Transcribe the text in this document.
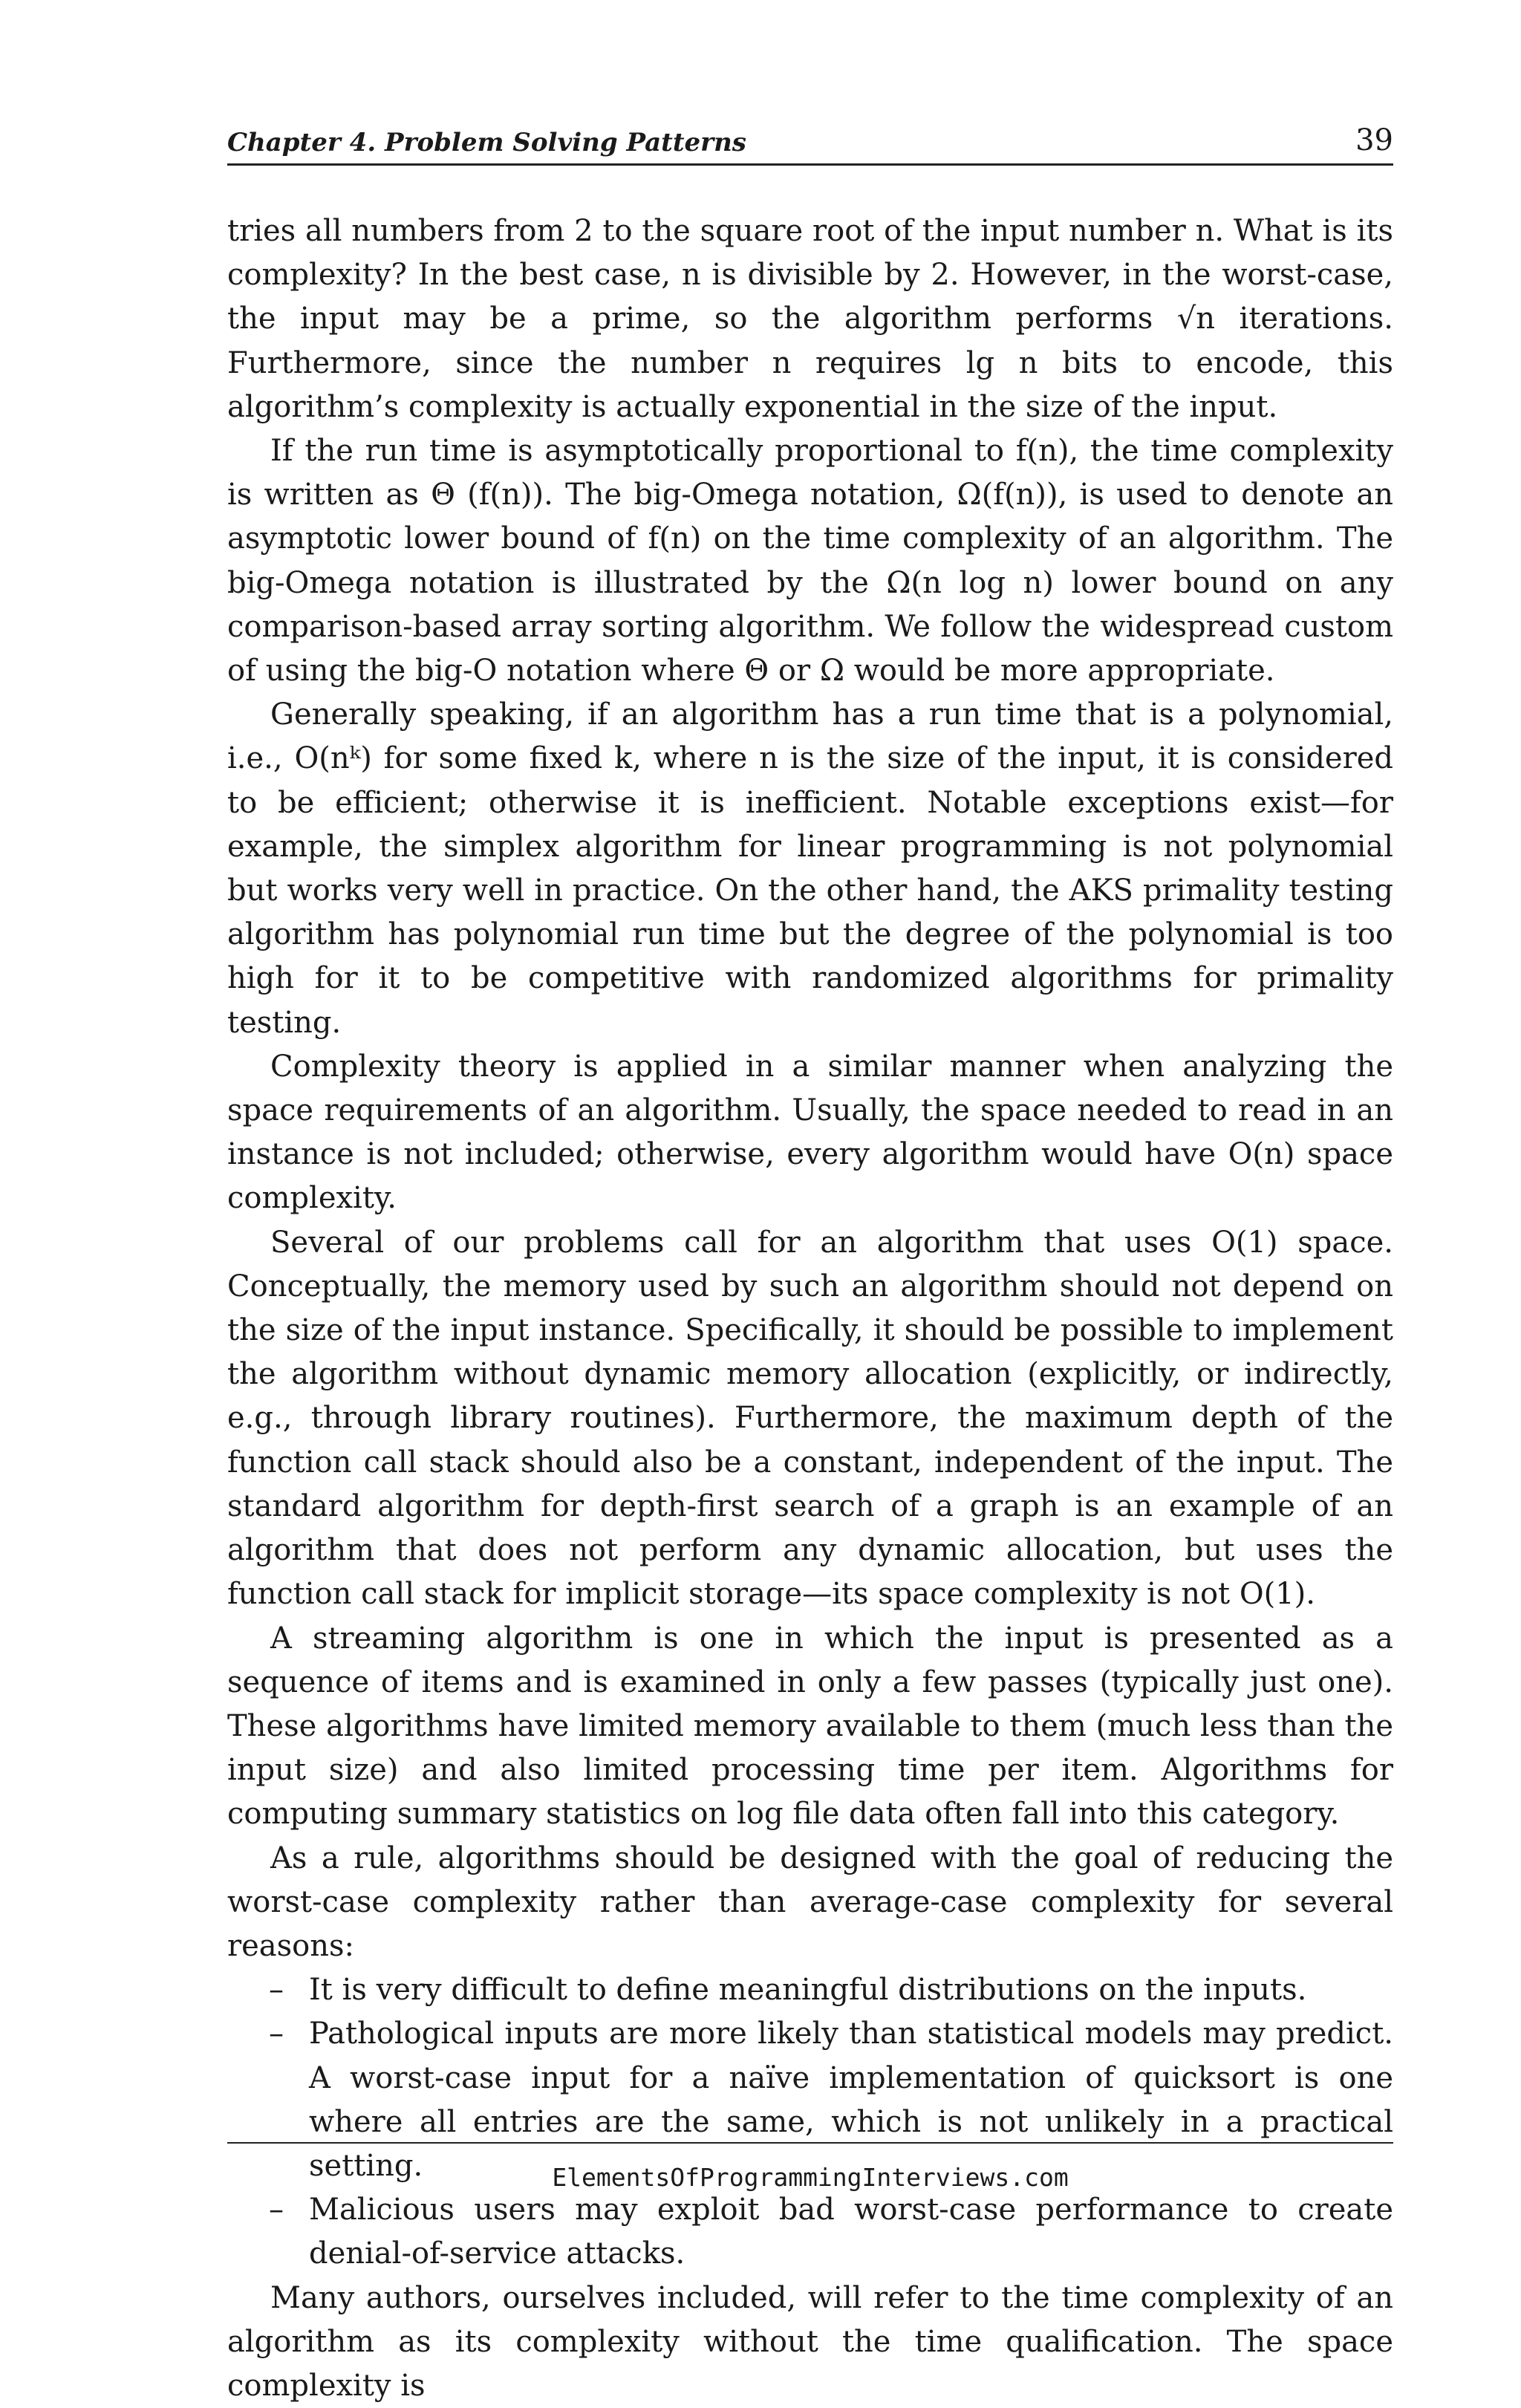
Chapter 4. Problem Solving Patterns	39

tries all numbers from 2 to the square root of the input number n. What is its complexity? In the best case, n is divisible by 2. However, in the worst-case, the input may be a prime, so the algorithm performs √n iterations. Furthermore, since the number n requires lg n bits to encode, this algorithm’s complexity is actually exponential in the size of the input.

If the run time is asymptotically proportional to f(n), the time complexity is written as Θ (f(n)). The big-Omega notation, Ω(f(n)), is used to denote an asymptotic lower bound of f(n) on the time complexity of an algorithm. The big-Omega notation is illustrated by the Ω(n log n) lower bound on any comparison-based array sorting algorithm. We follow the widespread custom of using the big-O notation where Θ or Ω would be more appropriate.

Generally speaking, if an algorithm has a run time that is a polynomial, i.e., O(nᵏ) for some fixed k, where n is the size of the input, it is considered to be efficient; otherwise it is inefficient. Notable exceptions exist—for example, the simplex algorithm for linear programming is not polynomial but works very well in practice. On the other hand, the AKS primality testing algorithm has polynomial run time but the degree of the polynomial is too high for it to be competitive with randomized algorithms for primality testing.

Complexity theory is applied in a similar manner when analyzing the space requirements of an algorithm. Usually, the space needed to read in an instance is not included; otherwise, every algorithm would have O(n) space complexity.

Several of our problems call for an algorithm that uses O(1) space. Conceptually, the memory used by such an algorithm should not depend on the size of the input instance. Specifically, it should be possible to implement the algorithm without dynamic memory allocation (explicitly, or indirectly, e.g., through library routines). Furthermore, the maximum depth of the function call stack should also be a constant, independent of the input. The standard algorithm for depth-first search of a graph is an example of an algorithm that does not perform any dynamic allocation, but uses the function call stack for implicit storage—its space complexity is not O(1).

A streaming algorithm is one in which the input is presented as a sequence of items and is examined in only a few passes (typically just one). These algorithms have limited memory available to them (much less than the input size) and also limited processing time per item. Algorithms for computing summary statistics on log file data often fall into this category.

As a rule, algorithms should be designed with the goal of reducing the worst-case complexity rather than average-case complexity for several reasons:

– It is very difficult to define meaningful distributions on the inputs.
– Pathological inputs are more likely than statistical models may predict. A worst-case input for a naïve implementation of quicksort is one where all entries are the same, which is not unlikely in a practical setting.
– Malicious users may exploit bad worst-case performance to create denial-of-service attacks.

Many authors, ourselves included, will refer to the time complexity of an algorithm as its complexity without the time qualification. The space complexity is

ElementsOfProgrammingInterviews.com
